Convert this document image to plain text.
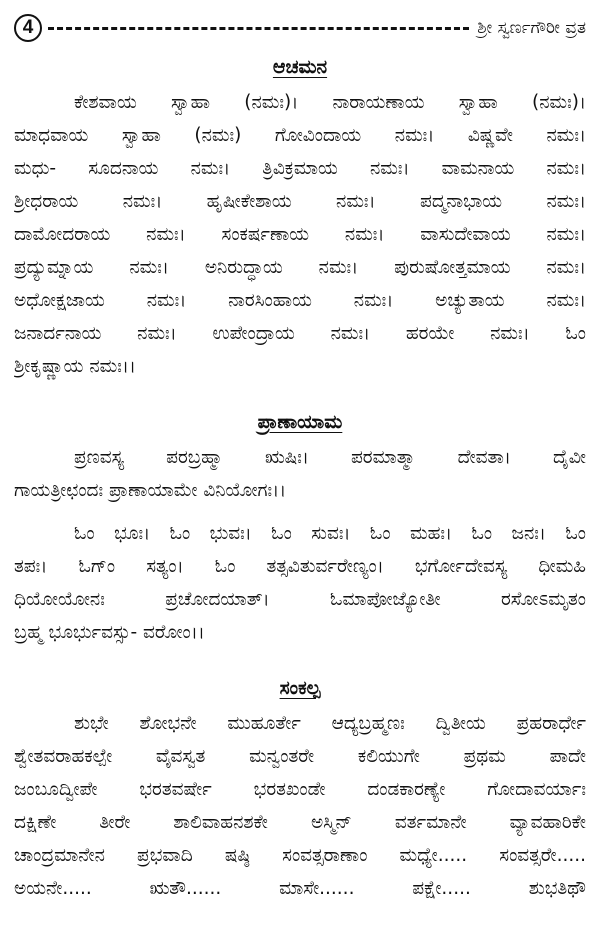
4	ಶ್ರೀ ಸ್ವರ್ಣಗೌರೀ ವ್ರತ
ಆಚಮನ
ಕೇಶವಾಯ ಸ್ವಾಹಾ (ನಮಃ)। ನಾರಾಯಣಾಯ ಸ್ವಾಹಾ (ನಮಃ)।
ಮಾಧವಾಯ ಸ್ವಾಹಾ (ನಮಃ) ಗೋವಿಂದಾಯ ನಮಃ। ವಿಷ್ಣವೇ ನಮಃ।
ಮಧು- ಸೂದನಾಯ ನಮಃ। ತ್ರಿವಿಕ್ರಮಾಯ ನಮಃ। ವಾಮನಾಯ ನಮಃ।
ಶ್ರೀಧರಾಯ ನಮಃ। ಹೃಷೀಕೇಶಾಯ ನಮಃ। ಪದ್ಮನಾಭಾಯ ನಮಃ।
ದಾಮೋದರಾಯ ನಮಃ। ಸಂಕರ್ಷಣಾಯ ನಮಃ। ವಾಸುದೇವಾಯ ನಮಃ।
ಪ್ರದ್ಯುಮ್ನಾಯ ನಮಃ। ಅನಿರುದ್ಧಾಯ ನಮಃ। ಪುರುಷೋತ್ತಮಾಯ ನಮಃ।
ಅಧೋಕ್ಷಜಾಯ ನಮಃ। ನಾರಸಿಂಹಾಯ ನಮಃ। ಅಚ್ಯುತಾಯ ನಮಃ।
ಜನಾರ್ದನಾಯ ನಮಃ। ಉಪೇಂದ್ರಾಯ ನಮಃ। ಹರಯೇ ನಮಃ। ಓಂ
ಶ್ರೀಕೃಷ್ಣಾಯ ನಮಃ।।
ಪ್ರಾಣಾಯಾಮ
ಪ್ರಣವಸ್ಯ ಪರಬ್ರಹ್ಮಾ ಋಷಿಃ। ಪರಮಾತ್ಮಾ ದೇವತಾ। ದೈವೀ
ಗಾಯತ್ರೀಛಂದಃ ಪ್ರಾಣಾಯಾಮೇ ವಿನಿಯೋಗಃ।।
ಓಂ ಭೂಃ। ಓಂ ಭುವಃ। ಓಂ ಸುವಃ। ಓಂ ಮಹಃ। ಓಂ ಜನಃ। ಓಂ
ತಪಃ। ಓಗ್ಂ ಸತ್ಯಂ। ಓಂ ತತ್ಸವಿತುರ್ವರೇಣ್ಯಂ। ಭರ್ಗೋದೇವಸ್ಯ ಧೀಮಹಿ
ಧಿಯೋಯೋನಃ ಪ್ರಚೋದಯಾತ್। ಓಮಾಪೋಜ್ಯೋತೀ ರಸೋಽಮೃತಂ
ಬ್ರಹ್ಮ ಭೂರ್ಭುವಸ್ಸು- ವರೋಂ।।
ಸಂಕಲ್ಪ
ಶುಭೇ ಶೋಭನೇ ಮುಹೂರ್ತೇ ಆದ್ಯಬ್ರಹ್ಮಣಃ ದ್ವಿತೀಯ ಪ್ರಹರಾರ್ಧೇ
ಶ್ವೇತವರಾಹಕಲ್ಪೇ ವೈವಸ್ವತ ಮನ್ವಂತರೇ ಕಲಿಯುಗೇ ಪ್ರಥಮ ಪಾದೇ
ಜಂಬೂದ್ವೀಪೇ ಭರತವರ್ಷೇ ಭರತಖಂಡೇ ದಂಡಕಾರಣ್ಯೇ ಗೋದಾವರ್ಯಾಃ
ದಕ್ಷಿಣೇ ತೀರೇ ಶಾಲಿವಾಹನಶಕೇ ಅಸ್ಮಿನ್ ವರ್ತಮಾನೇ ವ್ಯಾವಹಾರಿಕೇ
ಚಾಂದ್ರಮಾನೇನ ಪ್ರಭವಾದಿ ಷಷ್ಠಿ ಸಂವತ್ಸರಾಣಾಂ ಮಧ್ಯೇ..... ಸಂವತ್ಸರೇ.....
ಅಯನೇ..... ಋತೌ...... ಮಾಸೇ...... ಪಕ್ಷೇ..... ಶುಭತಿಥೌ
